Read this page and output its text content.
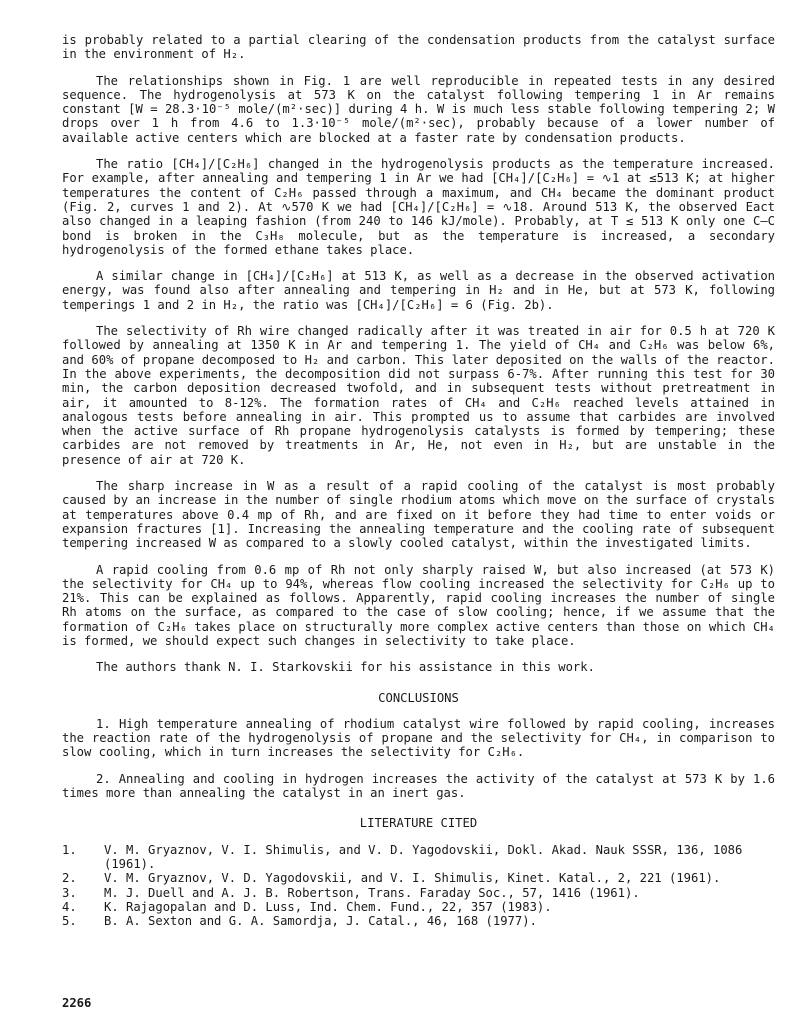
is probably related to a partial clearing of the condensation products from the catalyst surface in the environment of H₂.

The relationships shown in Fig. 1 are well reproducible in repeated tests in any desired sequence. The hydrogenolysis at 573 K on the catalyst following tempering 1 in Ar remains constant [W = 28.3·10⁻⁵ mole/(m²·sec)] during 4 h. W is much less stable following tempering 2; W drops over 1 h from 4.6 to 1.3·10⁻⁵ mole/(m²·sec), probably because of a lower number of available active centers which are blocked at a faster rate by condensation products.

The ratio [CH₄]/[C₂H₆] changed in the hydrogenolysis products as the temperature increased. For example, after annealing and tempering 1 in Ar we had [CH₄]/[C₂H₆] = ∿1 at ≤513 K; at higher temperatures the content of C₂H₆ passed through a maximum, and CH₄ became the dominant product (Fig. 2, curves 1 and 2). At ∿570 K we had [CH₄]/[C₂H₆] = ∿18. Around 513 K, the observed Eact also changed in a leaping fashion (from 240 to 146 kJ/mole). Probably, at T ≤ 513 K only one C–C bond is broken in the C₃H₈ molecule, but as the temperature is increased, a secondary hydrogenolysis of the formed ethane takes place.

A similar change in [CH₄]/[C₂H₆] at 513 K, as well as a decrease in the observed activation energy, was found also after annealing and tempering in H₂ and in He, but at 573 K, following temperings 1 and 2 in H₂, the ratio was [CH₄]/[C₂H₆] = 6 (Fig. 2b).

The selectivity of Rh wire changed radically after it was treated in air for 0.5 h at 720 K followed by annealing at 1350 K in Ar and tempering 1. The yield of CH₄ and C₂H₆ was below 6%, and 60% of propane decomposed to H₂ and carbon. This later deposited on the walls of the reactor. In the above experiments, the decomposition did not surpass 6-7%. After running this test for 30 min, the carbon deposition decreased twofold, and in subsequent tests without pretreatment in air, it amounted to 8-12%. The formation rates of CH₄ and C₂H₆ reached levels attained in analogous tests before annealing in air. This prompted us to assume that carbides are involved when the active surface of Rh propane hydrogenolysis catalysts is formed by tempering; these carbides are not removed by treatments in Ar, He, not even in H₂, but are unstable in the presence of air at 720 K.

The sharp increase in W as a result of a rapid cooling of the catalyst is most probably caused by an increase in the number of single rhodium atoms which move on the surface of crystals at temperatures above 0.4 mp of Rh, and are fixed on it before they had time to enter voids or expansion fractures [1]. Increasing the annealing temperature and the cooling rate of subsequent tempering increased W as compared to a slowly cooled catalyst, within the investigated limits.

A rapid cooling from 0.6 mp of Rh not only sharply raised W, but also increased (at 573 K) the selectivity for CH₄ up to 94%, whereas flow cooling increased the selectivity for C₂H₆ up to 21%. This can be explained as follows. Apparently, rapid cooling increases the number of single Rh atoms on the surface, as compared to the case of slow cooling; hence, if we assume that the formation of C₂H₆ takes place on structurally more complex active centers than those on which CH₄ is formed, we should expect such changes in selectivity to take place.

The authors thank N. I. Starkovskii for his assistance in this work.

CONCLUSIONS

1. High temperature annealing of rhodium catalyst wire followed by rapid cooling, increases the reaction rate of the hydrogenolysis of propane and the selectivity for CH₄, in comparison to slow cooling, which in turn increases the selectivity for C₂H₆.

2. Annealing and cooling in hydrogen increases the activity of the catalyst at 573 K by 1.6 times more than annealing the catalyst in an inert gas.

LITERATURE CITED
1.	V. M. Gryaznov, V. I. Shimulis, and V. D. Yagodovskii, Dokl. Akad. Nauk SSSR, 136, 1086 (1961).
2.	V. M. Gryaznov, V. D. Yagodovskii, and V. I. Shimulis, Kinet. Katal., 2, 221 (1961).
3.	M. J. Duell and A. J. B. Robertson, Trans. Faraday Soc., 57, 1416 (1961).
4.	K. Rajagopalan and D. Luss, Ind. Chem. Fund., 22, 357 (1983).
5.	B. A. Sexton and G. A. Samordja, J. Catal., 46, 168 (1977).
2266
